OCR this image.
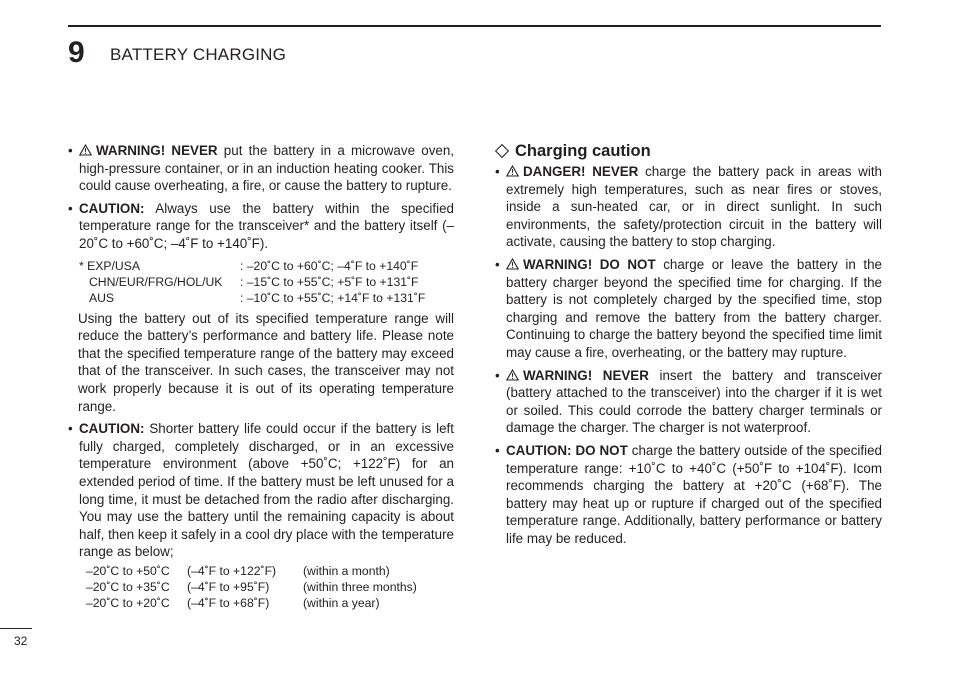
9 BATTERY CHARGING
• WARNING! NEVER put the battery in a microwave oven, high-pressure container, or in an induction heating cooker. This could cause overheating, a fire, or cause the battery to rupture.
• CAUTION: Always use the battery within the specified temperature range for the transceiver* and the battery itself (–20˚C to +60˚C; –4˚F to +140˚F).
* EXP/USA	: –20˚C to +60˚C; –4˚F to +140˚F
CHN/EUR/FRG/HOL/UK	: –15˚C to +55˚C; +5˚F to +131˚F
AUS	: –10˚C to +55˚C; +14˚F to +131˚F
Using the battery out of its specified temperature range will reduce the battery’s performance and battery life. Please note that the specified temperature range of the battery may exceed that of the transceiver. In such cases, the transceiver may not work properly because it is out of its operating temperature range.
• CAUTION: Shorter battery life could occur if the battery is left fully charged, completely discharged, or in an excessive temperature environment (above +50˚C; +122˚F) for an extended period of time. If the battery must be left unused for a long time, it must be detached from the radio after discharging. You may use the battery until the remaining capacity is about half, then keep it safely in a cool dry place with the temperature range as below;
–20˚C to +50˚C	(–4˚F to +122˚F)	(within a month)
–20˚C to +35˚C	(–4˚F to +95˚F)	(within three months)
–20˚C to +20˚C	(–4˚F to +68˚F)	(within a year)
Charging caution
• DANGER! NEVER charge the battery pack in areas with extremely high temperatures, such as near fires or stoves, inside a sun-heated car, or in direct sunlight. In such environments, the safety/protection circuit in the battery will activate, causing the battery to stop charging.
• WARNING! DO NOT charge or leave the battery in the battery charger beyond the specified time for charging. If the battery is not completely charged by the specified time, stop charging and remove the battery from the battery charger. Continuing to charge the battery beyond the specified time limit may cause a fire, overheating, or the battery may rupture.
• WARNING! NEVER insert the battery and transceiver (battery attached to the transceiver) into the charger if it is wet or soiled. This could corrode the battery charger terminals or damage the charger. The charger is not waterproof.
• CAUTION: DO NOT charge the battery outside of the specified temperature range: +10˚C to +40˚C (+50˚F to +104˚F). Icom recommends charging the battery at +20˚C (+68˚F). The battery may heat up or rupture if charged out of the specified temperature range. Additionally, battery performance or battery life may be reduced.
32
